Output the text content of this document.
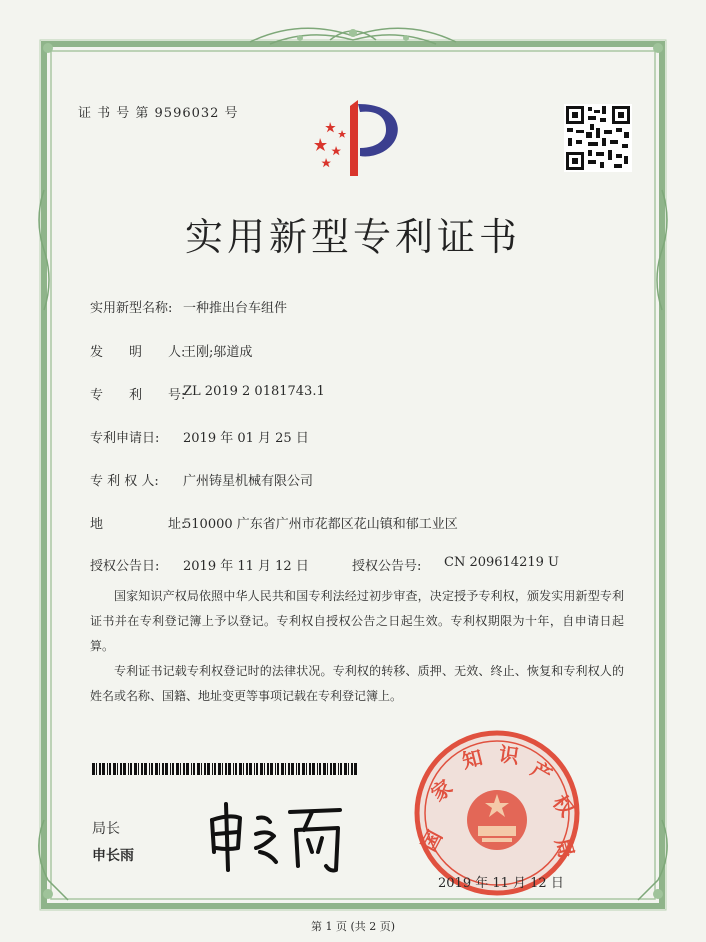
证 书 号 第 9596032 号
实用新型专利证书
实用新型名称: 一种推出台车组件
发　　明　　人:
王刚;邬道成
专　　利　　号:
ZL 2019 2 0181743.1
专利申请日: 2019 年 01 月 25 日
专 利 权 人: 广州铸星机械有限公司
地　　　　　址:
510000 广东省广州市花都区花山镇和郁工业区
授权公告日: 2019 年 11 月 12 日	授权公告号: CN 209614219 U

国家知识产权局依照中华人民共和国专利法经过初步审查，决定授予专利权，颁发实用新型专利证书并在专利登记簿上予以登记。专利权自授权公告之日起生效。专利权期限为十年，自申请日起算。

专利证书记载专利权登记时的法律状况。专利权的转移、质押、无效、终止、恢复和专利权人的姓名或名称、国籍、地址变更等事项记载在专利登记簿上。

局长
申长雨
国
家
知 识
产
权
局
2019 年 11 月 12 日
第 1 页 (共 2 页)
